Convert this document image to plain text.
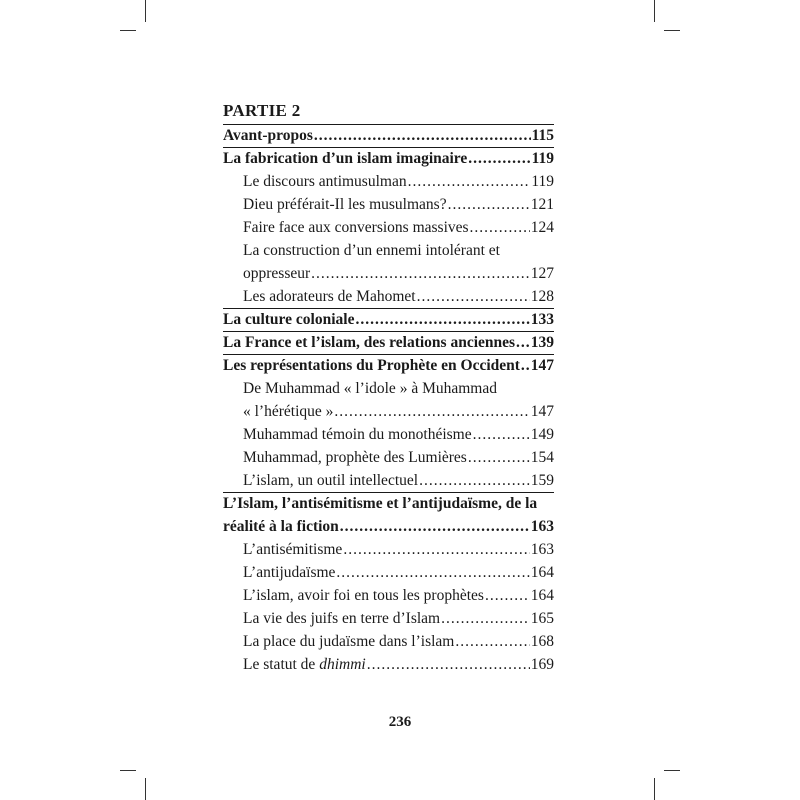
PARTIE 2
Avant-propos .....	115
La fabrication d’un islam imaginaire .....	119
Le discours antimusulman .....	119
Dieu préférait-Il les musulmans? .....	121
Faire face aux conversions massives .....	124
La construction d’un ennemi intolérant et
oppresseur .....	127
Les adorateurs de Mahomet .....	128
La culture coloniale .....	133
La France et l’islam, des relations anciennes ..... 139
Les représentations du Prophète en Occident ..... 147
De Muhammad « l’idole » à Muhammad
« l’hérétique » .....	147
Muhammad témoin du monothéisme .....	149
Muhammad, prophète des Lumières .....	154
L’islam, un outil intellectuel .....	159
L’Islam, l’antisémitisme et l’antijudaïsme, de la
réalité à la fiction .....	163
L’antisémitisme .....	163
L’antijudaïsme .....	164
L’islam, avoir foi en tous les prophètes .....	164
La vie des juifs en terre d’Islam .....	165
La place du judaïsme dans l’islam .....	168
Le statut de dhimmi .....	169
236
